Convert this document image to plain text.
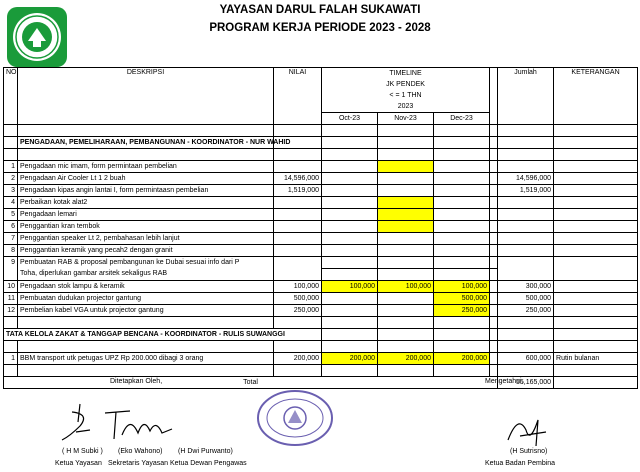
YAYASAN DARUL FALAH SUKAWATI
PROGRAM KERJA PERIODE 2023 - 2028
NO	DESKRIPSI	NILAI	TIMELINE				Jumlah	KETERANGAN
			JK PENDEK					
			< = 1 THN					
			2023					
			Oct-23	Nov-23	Dec-23			

	PENGADAAN, PEMELIHARAAN, PEMBANGUNAN - KOORDINATOR - NUR WAHID							

1	Pengadaan mic imam, form permintaan pembelian							
2	Pengadaan Air Cooler Lt 1 2 buah	14,596,000					14,596,000	
3	Pengadaan kipas angin lantai I, form permintaasn pembelian	1,519,000					1,519,000	
4	Perbaikan kotak alat2							
5	Pengadaan lemari							
6	Penggantian kran tembok							
7	Penggantian speaker Lt 2, pembahasan lebih lanjut							
8	Penggantian keramik yang pecah2 dengan granit							
9	Pembuatan RAB & proposal pembangunan ke Dubai sesuai info dari P							
	Toha, diperlukan gambar arsitek sekaligus RAB							
10	Pengadaan stok lampu & keramik	100,000	100,000	100,000	100,000		300,000	
11	Pembuatan dudukan projector gantung	500,000			500,000		500,000	
12	Pembelian kabel VGA untuk projector gantung	250,000			250,000		250,000	

TATA KELOLA ZAKAT & TANGGAP BENCANA - KOORDINATOR - RULIS SUWANGGI								

1	BBM transport utk petugas UPZ Rp 200.000 dibagi 3 orang	200,000	200,000	200,000	200,000		600,000	Rutin bulanan

Total							55,165,000	
Ditetapkan Oleh,	Mengetahui,
( H M Subki ) (Eko Wahono) (H Dwi Purwanto)	(H Sutrisno)
Ketua Yayasan Sekretaris Yayasan Ketua Dewan Pengawas	Ketua Badan Pembina
